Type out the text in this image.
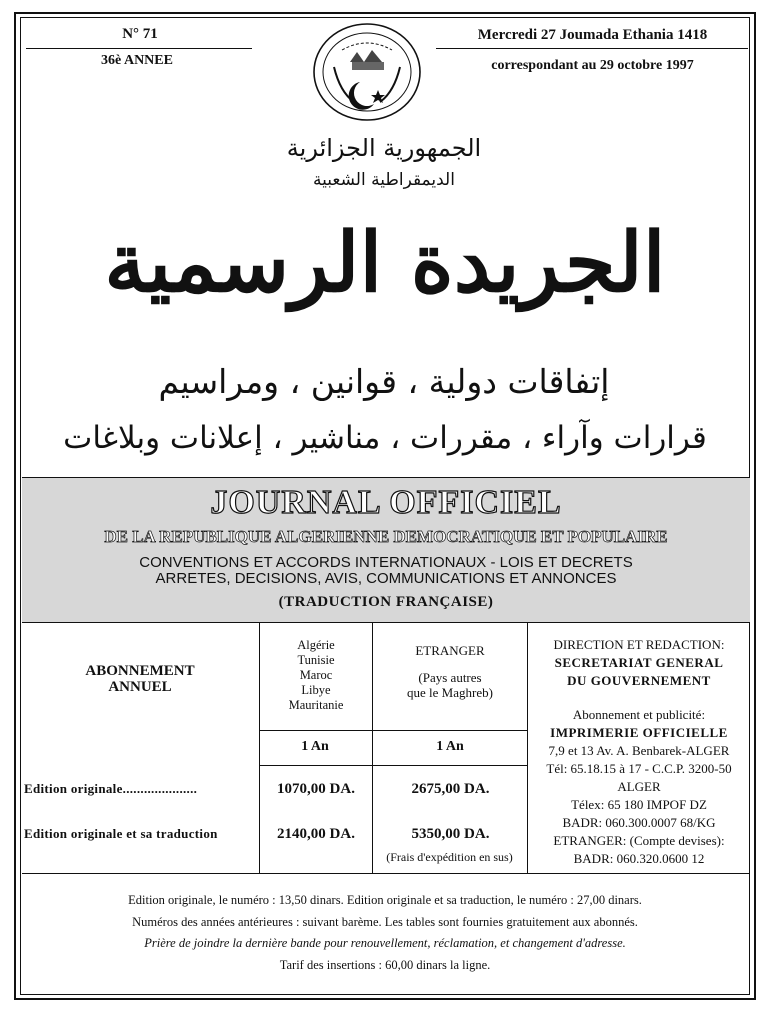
N° 71
36è ANNEE
Mercredi 27 Joumada Ethania 1418
correspondant au 29 octobre 1997
الجمهورية الجزائرية
الديمقراطية الشعبية
الجريدة الرسمية
إتفاقات دولية ، قوانين ، ومراسيم
قرارات وآراء ، مقررات ، مناشير ، إعلانات وبلاغات
JOURNAL OFFICIEL
DE LA REPUBLIQUE ALGERIENNE DEMOCRATIQUE ET POPULAIRE
CONVENTIONS ET ACCORDS INTERNATIONAUX - LOIS ET DECRETS
ARRETES, DECISIONS, AVIS, COMMUNICATIONS ET ANNONCES
(TRADUCTION FRANÇAISE)
ABONNEMENT
ANNUEL
Algérie
Tunisie
Maroc
Libye
Mauritanie
ETRANGER
(Pays autres
que le Maghreb)
1 An	1 An
Edition originale.....................	1070,00 DA.	2675,00 DA.
Edition originale et sa traduction	2140,00 DA.	5350,00 DA.
(Frais d'expédition en sus)
DIRECTION ET REDACTION:
SECRETARIAT GENERAL
DU GOUVERNEMENT
Abonnement et publicité:
IMPRIMERIE OFFICIELLE
7,9 et 13 Av. A. Benbarek-ALGER
Tél: 65.18.15 à 17 - C.C.P. 3200-50
ALGER
Télex: 65 180 IMPOF DZ
BADR: 060.300.0007 68/KG
ETRANGER: (Compte devises):
BADR: 060.320.0600 12
Edition originale, le numéro : 13,50 dinars. Edition originale et sa traduction, le numéro : 27,00 dinars.
Numéros des années antérieures : suivant barème. Les tables sont fournies gratuitement aux abonnés.
Prière de joindre la dernière bande pour renouvellement, réclamation, et changement d'adresse.
Tarif des insertions : 60,00 dinars la ligne.
